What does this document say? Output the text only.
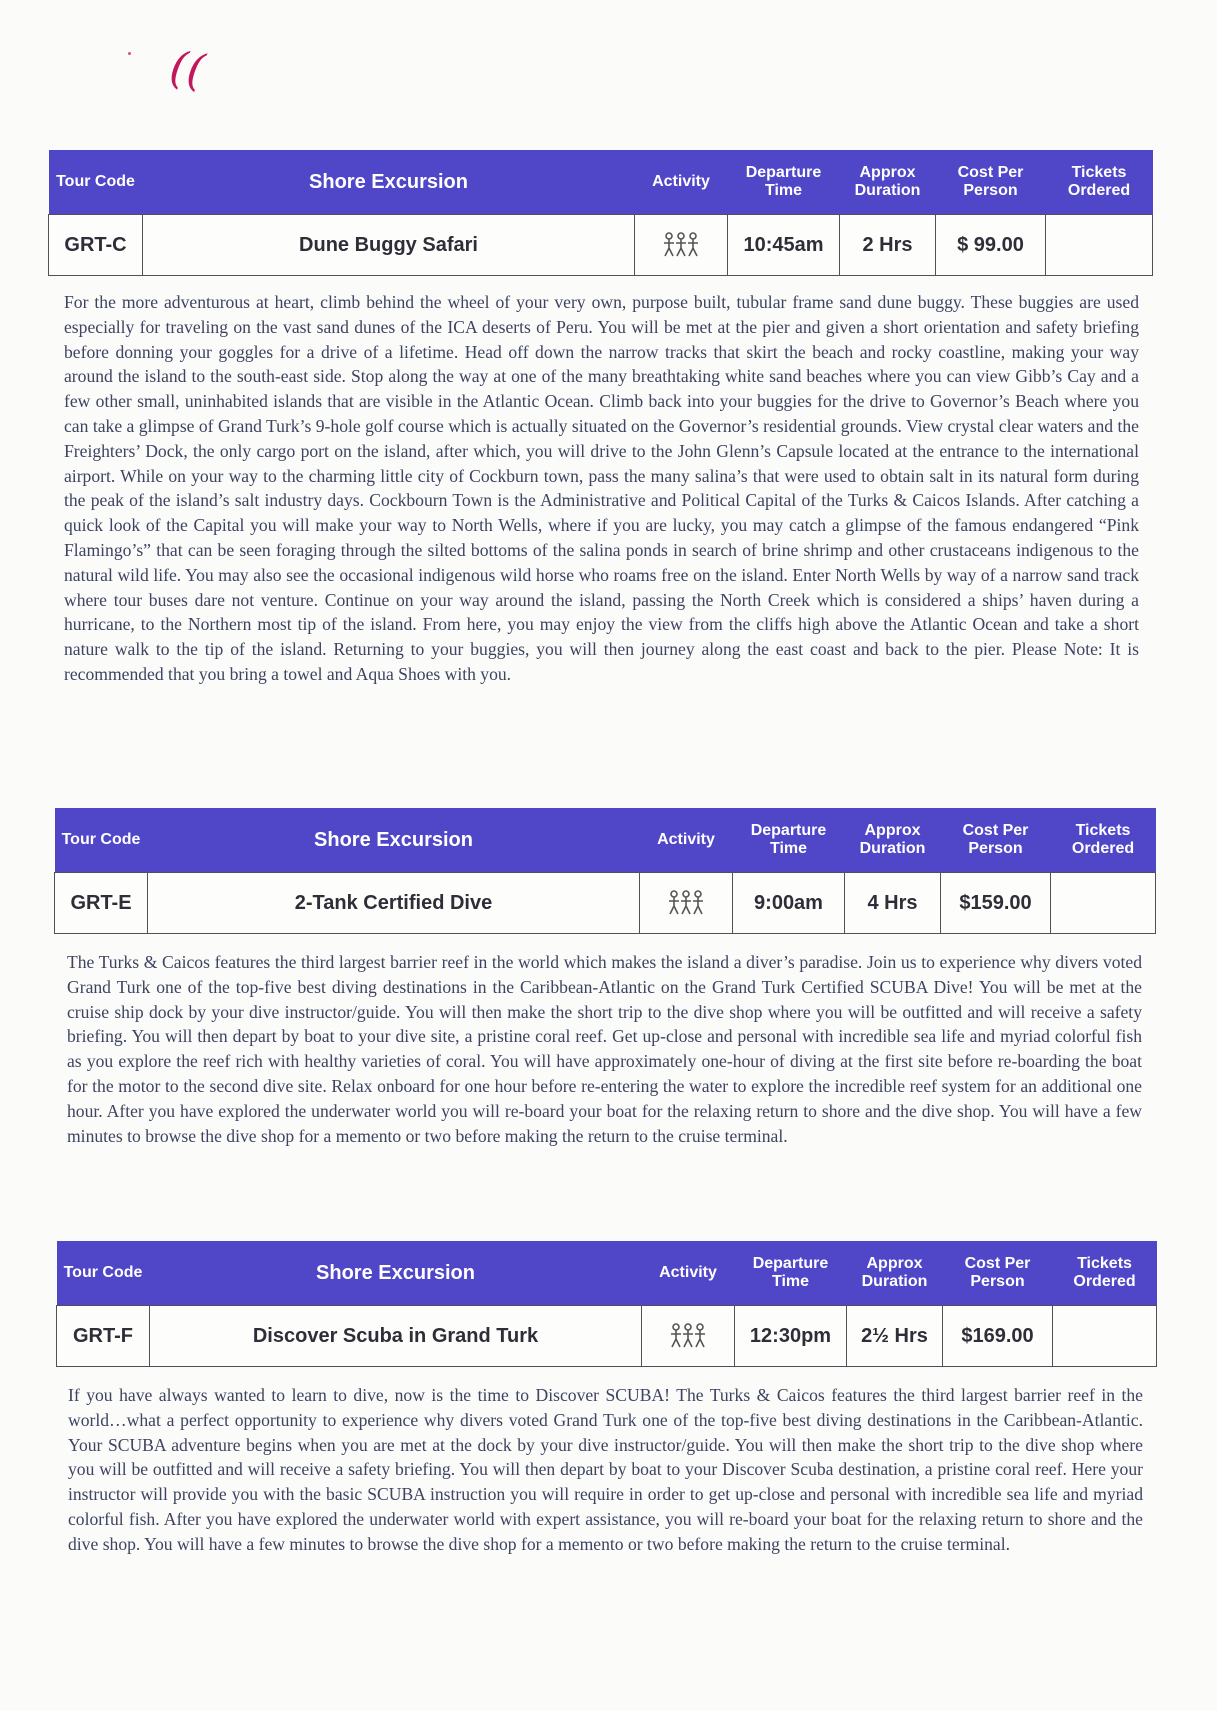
((
Tour Code	Shore Excursion	Activity	Departure Time	Approx Duration	Cost Per Person	Tickets Ordered
GRT-C	Dune Buggy Safari		10:45am	2 Hrs	$ 99.00	

For the more adventurous at heart, climb behind the wheel of your very own, purpose built, tubular frame sand dune buggy. These buggies are used especially for traveling on the vast sand dunes of the ICA deserts of Peru. You will be met at the pier and given a short orientation and safety briefing before donning your goggles for a drive of a lifetime. Head off down the narrow tracks that skirt the beach and rocky coastline, making your way around the island to the south-east side. Stop along the way at one of the many breathtaking white sand beaches where you can view Gibb’s Cay and a few other small, uninhabited islands that are visible in the Atlantic Ocean. Climb back into your buggies for the drive to Governor’s Beach where you can take a glimpse of Grand Turk’s 9-hole golf course which is actually situated on the Governor’s residential grounds. View crystal clear waters and the Freighters’ Dock, the only cargo port on the island, after which, you will drive to the John Glenn’s Capsule located at the entrance to the international airport. While on your way to the charming little city of Cockburn town, pass the many salina’s that were used to obtain salt in its natural form during the peak of the island’s salt industry days. Cockbourn Town is the Administrative and Political Capital of the Turks & Caicos Islands. After catching a quick look of the Capital you will make your way to North Wells, where if you are lucky, you may catch a glimpse of the famous endangered “Pink Flamingo’s” that can be seen foraging through the silted bottoms of the salina ponds in search of brine shrimp and other crustaceans indigenous to the natural wild life. You may also see the occasional indigenous wild horse who roams free on the island. Enter North Wells by way of a narrow sand track where tour buses dare not venture. Continue on your way around the island, passing the North Creek which is considered a ships’ haven during a hurricane, to the Northern most tip of the island. From here, you may enjoy the view from the cliffs high above the Atlantic Ocean and take a short nature walk to the tip of the island. Returning to your buggies, you will then journey along the east coast and back to the pier. Please Note: It is recommended that you bring a towel and Aqua Shoes with you.

Tour Code	Shore Excursion	Activity	Departure Time	Approx Duration	Cost Per Person	Tickets Ordered
GRT-E	2-Tank Certified Dive		9:00am	4 Hrs	$159.00	

The Turks & Caicos features the third largest barrier reef in the world which makes the island a diver’s paradise. Join us to experience why divers voted Grand Turk one of the top-five best diving destinations in the Caribbean-Atlantic on the Grand Turk Certified SCUBA Dive! You will be met at the cruise ship dock by your dive instructor/guide. You will then make the short trip to the dive shop where you will be outfitted and will receive a safety briefing. You will then depart by boat to your dive site, a pristine coral reef. Get up-close and personal with incredible sea life and myriad colorful fish as you explore the reef rich with healthy varieties of coral. You will have approximately one-hour of diving at the first site before re-boarding the boat for the motor to the second dive site. Relax onboard for one hour before re-entering the water to explore the incredible reef system for an additional one hour. After you have explored the underwater world you will re-board your boat for the relaxing return to shore and the dive shop. You will have a few minutes to browse the dive shop for a memento or two before making the return to the cruise terminal.

Tour Code	Shore Excursion	Activity	Departure Time	Approx Duration	Cost Per Person	Tickets Ordered
GRT-F	Discover Scuba in Grand Turk		12:30pm	2½ Hrs	$169.00	

If you have always wanted to learn to dive, now is the time to Discover SCUBA! The Turks & Caicos features the third largest barrier reef in the world…what a perfect opportunity to experience why divers voted Grand Turk one of the top-five best diving destinations in the Caribbean-Atlantic. Your SCUBA adventure begins when you are met at the dock by your dive instructor/guide. You will then make the short trip to the dive shop where you will be outfitted and will receive a safety briefing. You will then depart by boat to your Discover Scuba destination, a pristine coral reef. Here your instructor will provide you with the basic SCUBA instruction you will require in order to get up-close and personal with incredible sea life and myriad colorful fish. After you have explored the underwater world with expert assistance, you will re-board your boat for the relaxing return to shore and the dive shop. You will have a few minutes to browse the dive shop for a memento or two before making the return to the cruise terminal.
